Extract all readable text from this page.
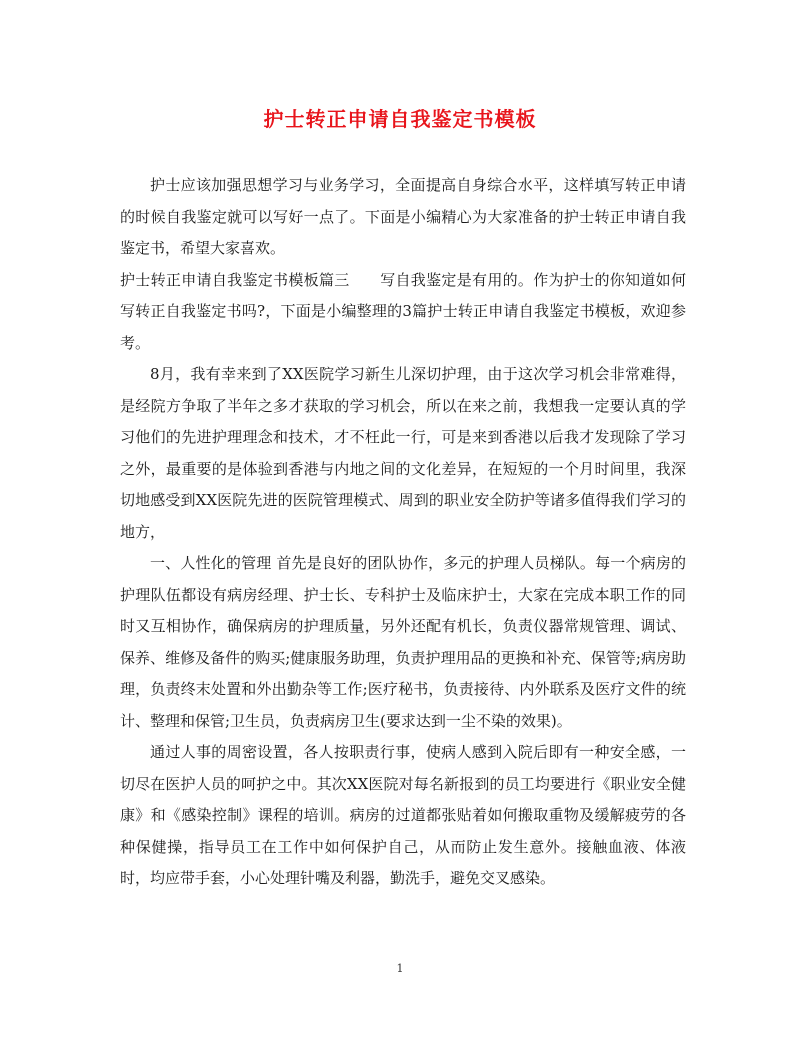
护士转正申请自我鉴定书模板

护士应该加强思想学习与业务学习，全面提高自身综合水平，这样填写转正申请的时候自我鉴定就可以写好一点了。下面是小编精心为大家准备的护士转正申请自我鉴定书，希望大家喜欢。

护士转正申请自我鉴定书模板篇三　　写自我鉴定是有用的。作为护士的你知道如何写转正自我鉴定书吗?，下面是小编整理的3篇护士转正申请自我鉴定书模板，欢迎参考。

8月，我有幸来到了XX医院学习新生儿深切护理，由于这次学习机会非常难得，是经院方争取了半年之多才获取的学习机会，所以在来之前，我想我一定要认真的学习他们的先进护理理念和技术，才不枉此一行，可是来到香港以后我才发现除了学习之外，最重要的是体验到香港与内地之间的文化差异，在短短的一个月时间里，我深切地感受到XX医院先进的医院管理模式、周到的职业安全防护等诸多值得我们学习的地方，

一、人性化的管理 首先是良好的团队协作，多元的护理人员梯队。每一个病房的护理队伍都设有病房经理、护士长、专科护士及临床护士，大家在完成本职工作的同时又互相协作，确保病房的护理质量，另外还配有机长，负责仪器常规管理、调试、保养、维修及备件的购买;健康服务助理，负责护理用品的更换和补充、保管等;病房助理，负责终末处置和外出勤杂等工作;医疗秘书，负责接待、内外联系及医疗文件的统计、整理和保管;卫生员，负责病房卫生(要求达到一尘不染的效果)。

通过人事的周密设置，各人按职责行事，使病人感到入院后即有一种安全感，一切尽在医护人员的呵护之中。其次XX医院对每名新报到的员工均要进行《职业安全健康》和《感染控制》课程的培训。病房的过道都张贴着如何搬取重物及缓解疲劳的各种保健操，指导员工在工作中如何保护自己，从而防止发生意外。接触血液、体液时，均应带手套，小心处理针嘴及利器，勤洗手，避免交叉感染。

1
